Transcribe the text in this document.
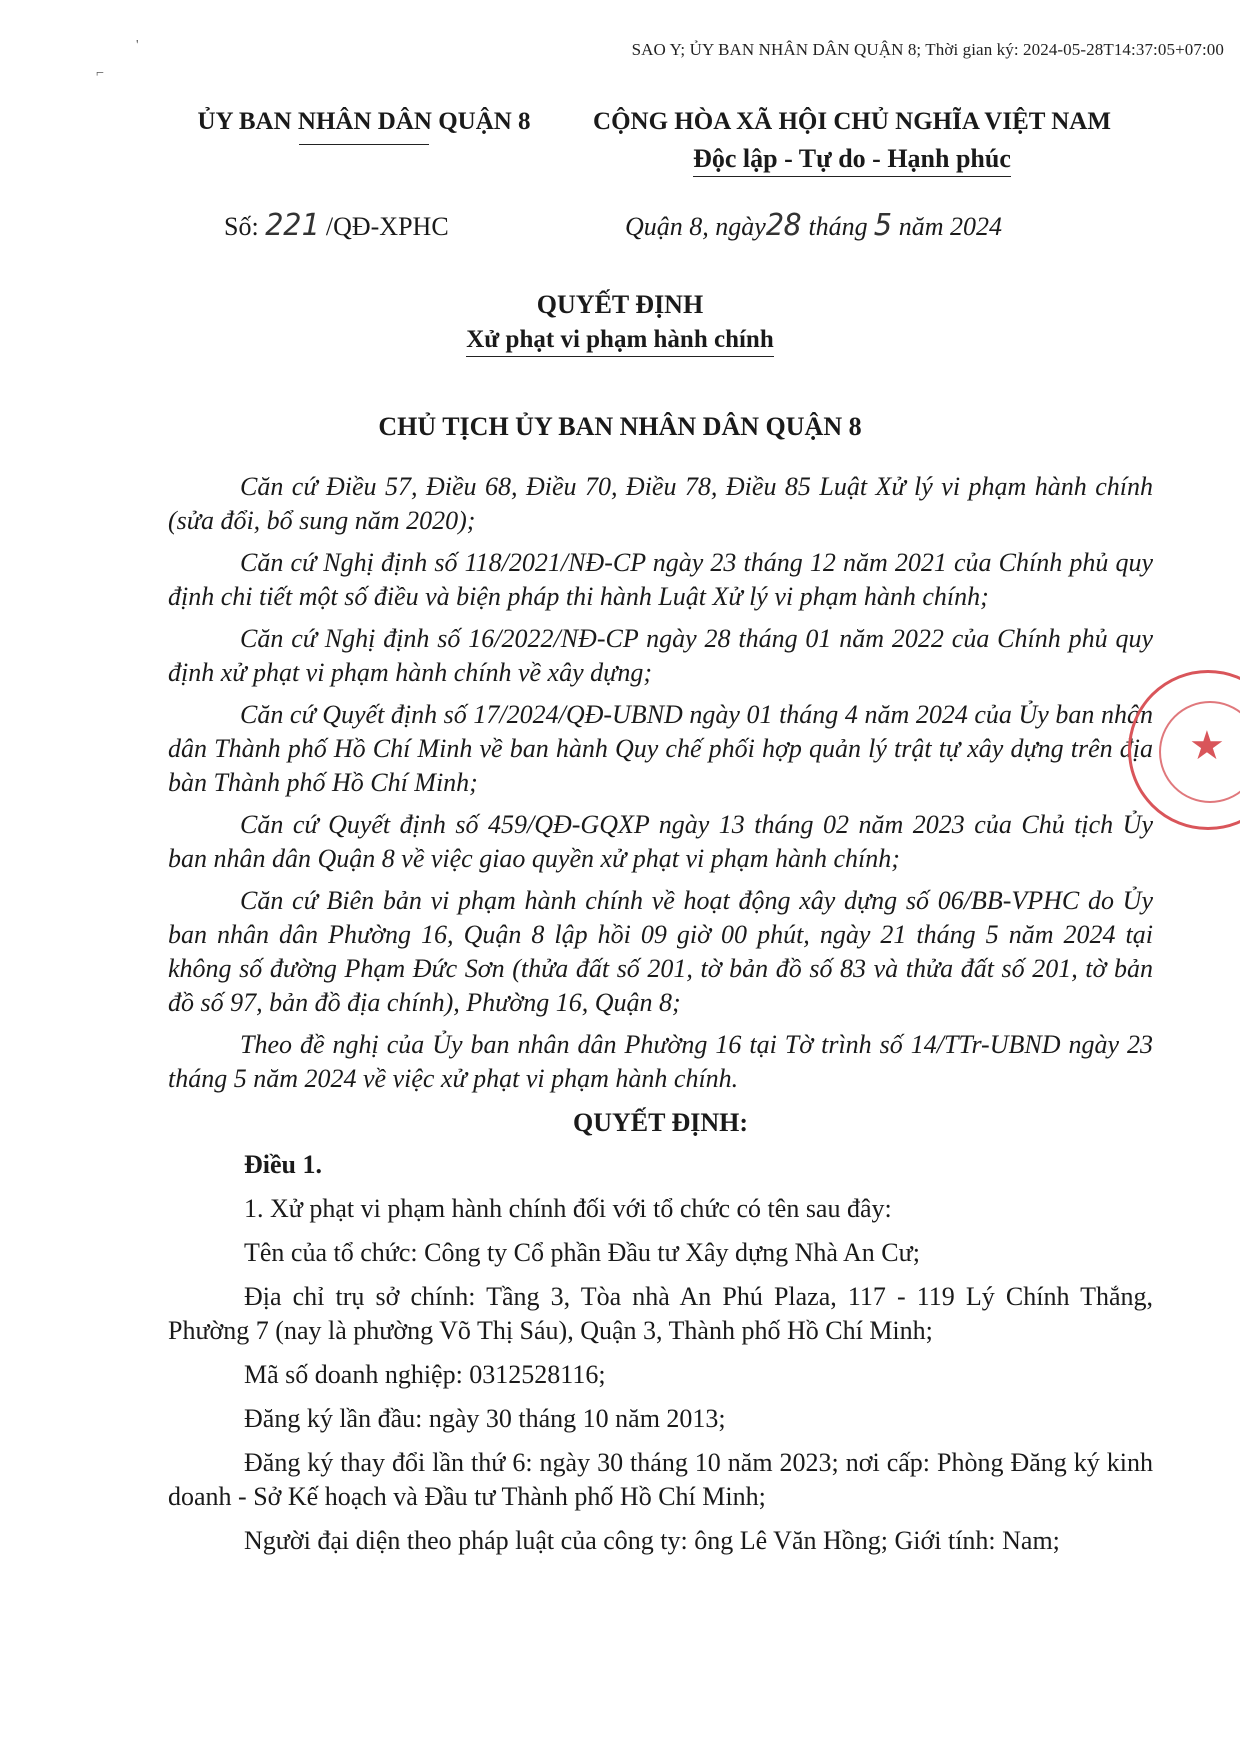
'
⌐
SAO Y; ỦY BAN NHÂN DÂN QUẬN 8; Thời gian ký: 2024-05-28T14:37:05+07:00
ỦY BAN NHÂN DÂN QUẬN 8	CỘNG HÒA XÃ HỘI CHỦ NGHĨA VIỆT NAM
Độc lập - Tự do - Hạnh phúc
Số: 221 /QĐ-XPHC	Quận 8, ngày28 tháng 5 năm 2024
QUYẾT ĐỊNH
Xử phạt vi phạm hành chính
CHỦ TỊCH ỦY BAN NHÂN DÂN QUẬN 8

Căn cứ Điều 57, Điều 68, Điều 70, Điều 78, Điều 85 Luật Xử lý vi phạm hành chính (sửa đổi, bổ sung năm 2020);

Căn cứ Nghị định số 118/2021/NĐ-CP ngày 23 tháng 12 năm 2021 của Chính phủ quy định chi tiết một số điều và biện pháp thi hành Luật Xử lý vi phạm hành chính;

Căn cứ Nghị định số 16/2022/NĐ-CP ngày 28 tháng 01 năm 2022 của Chính phủ quy định xử phạt vi phạm hành chính về xây dựng;

Căn cứ Quyết định số 17/2024/QĐ-UBND ngày 01 tháng 4 năm 2024 của Ủy ban nhân dân Thành phố Hồ Chí Minh về ban hành Quy chế phối hợp quản lý trật tự xây dựng trên địa bàn Thành phố Hồ Chí Minh;

Căn cứ Quyết định số 459/QĐ-GQXP ngày 13 tháng 02 năm 2023 của Chủ tịch Ủy ban nhân dân Quận 8 về việc giao quyền xử phạt vi phạm hành chính;

Căn cứ Biên bản vi phạm hành chính về hoạt động xây dựng số 06/BB-VPHC do Ủy ban nhân dân Phường 16, Quận 8 lập hồi 09 giờ 00 phút, ngày 21 tháng 5 năm 2024 tại không số đường Phạm Đức Sơn (thửa đất số 201, tờ bản đồ số 83 và thửa đất số 201, tờ bản đồ số 97, bản đồ địa chính), Phường 16, Quận 8;

Theo đề nghị của Ủy ban nhân dân Phường 16 tại Tờ trình số 14/TTr-UBND ngày 23 tháng 5 năm 2024 về việc xử phạt vi phạm hành chính.

QUYẾT ĐỊNH:
Điều 1.

1. Xử phạt vi phạm hành chính đối với tổ chức có tên sau đây:

Tên của tổ chức: Công ty Cổ phần Đầu tư Xây dựng Nhà An Cư;

Địa chỉ trụ sở chính: Tầng 3, Tòa nhà An Phú Plaza, 117 - 119 Lý Chính Thắng, Phường 7 (nay là phường Võ Thị Sáu), Quận 3, Thành phố Hồ Chí Minh;

Mã số doanh nghiệp: 0312528116;

Đăng ký lần đầu: ngày 30 tháng 10 năm 2013;

Đăng ký thay đổi lần thứ 6: ngày 30 tháng 10 năm 2023; nơi cấp: Phòng Đăng ký kinh doanh - Sở Kế hoạch và Đầu tư Thành phố Hồ Chí Minh;

Người đại diện theo pháp luật của công ty: ông Lê Văn Hồng; Giới tính: Nam;

★
